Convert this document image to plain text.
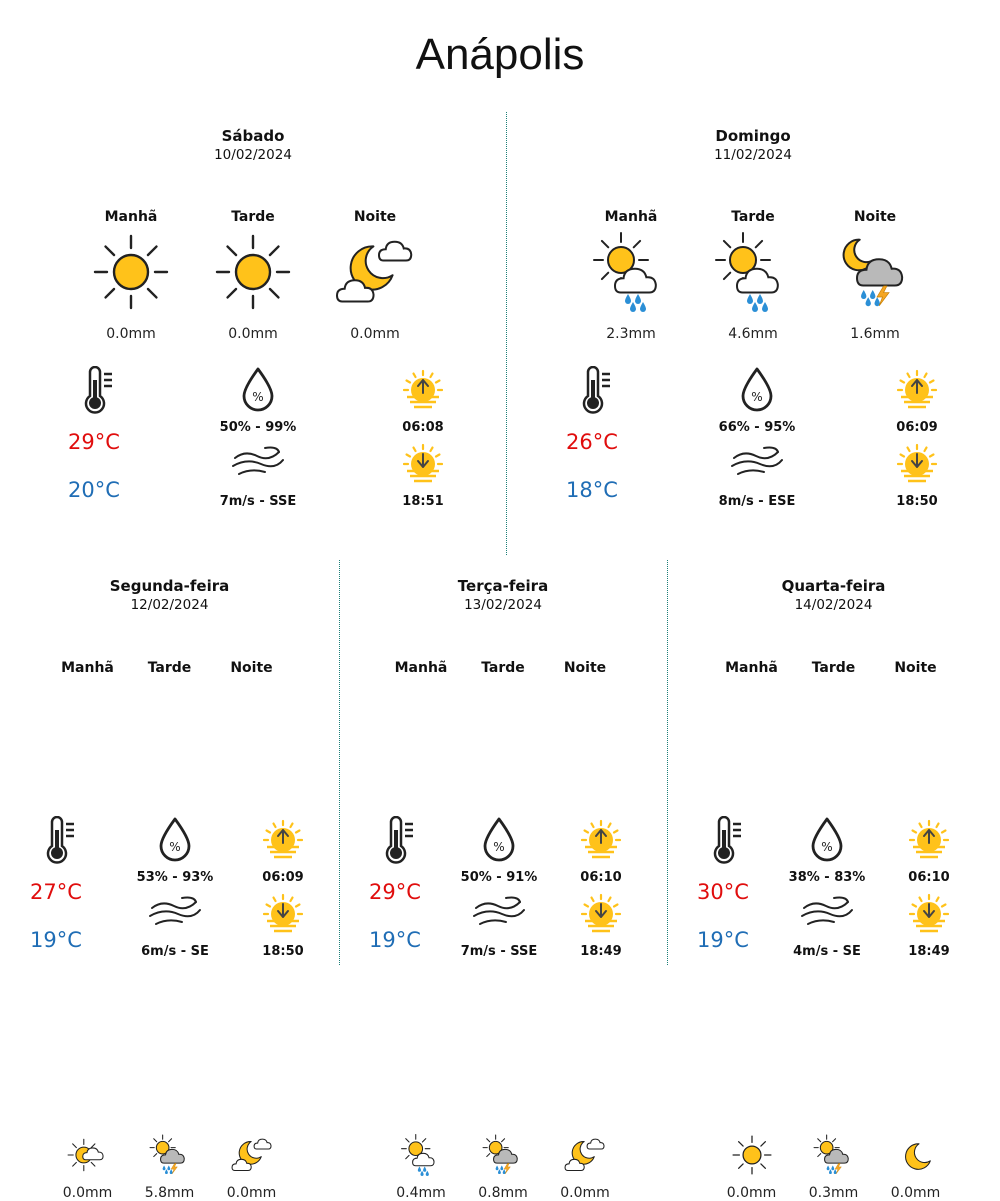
Anápolis
Sábado
10/02/2024
Manhã
0.0mm
Tarde
0.0mm
Noite
0.0mm
29°C
20°C
%
50% - 99%
7m/s - SSE
06:08
18:51
Domingo
11/02/2024
Manhã
2.3mm
Tarde
4.6mm
Noite
1.6mm
26°C
18°C
%
66% - 95%
8m/s - ESE
06:09
18:50
Segunda-feira
12/02/2024
Manhã
0.0mm
Tarde
5.8mm
Noite
0.0mm
27°C
19°C
%
53% - 93%
6m/s - SE
06:09
18:50
Terça-feira
13/02/2024
Manhã
0.4mm
Tarde
0.8mm
Noite
0.0mm
29°C
19°C
%
50% - 91%
7m/s - SSE
06:10
18:49
Quarta-feira
14/02/2024
Manhã
0.0mm
Tarde
0.3mm
Noite
0.0mm
30°C
19°C
%
38% - 83%
4m/s - SE
06:10
18:49
